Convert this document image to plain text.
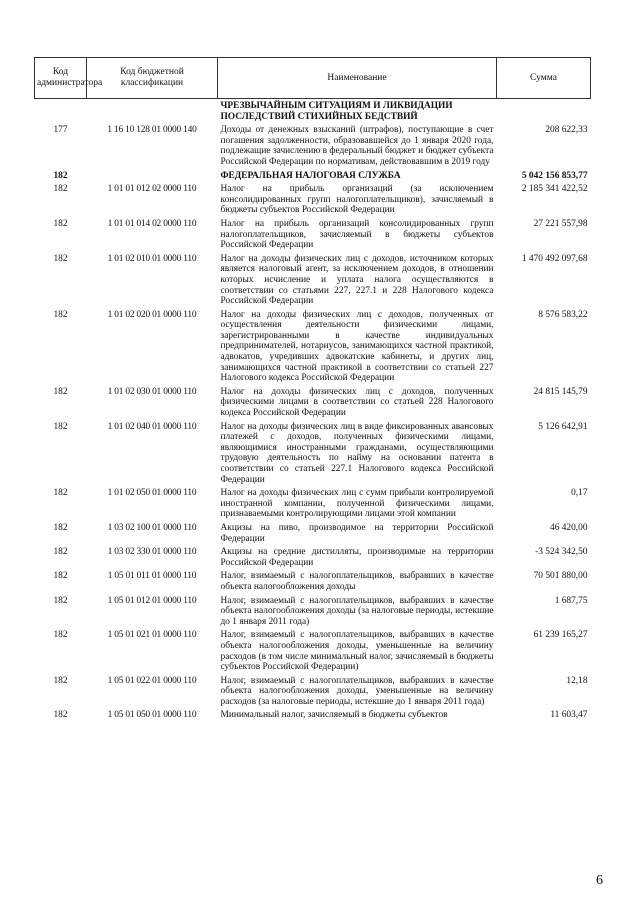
Код
администратора	Код бюджетной классификации	Наименование	Сумма
		ЧРЕЗВЫЧАЙНЫМ СИТУАЦИЯМ И ЛИКВИДАЦИИ ПОСЛЕДСТВИЙ СТИХИЙНЫХ БЕДСТВИЙ	
177	1 16 10 128 01 0000 140	Доходы от денежных взысканий (штрафов), поступающие в счет погашения задолженности, образовавшейся до 1 января 2020 года, подлежащие зачислению в федеральный бюджет и бюджет субъекта Российской Федерации по нормативам, действовавшим в 2019 году	208 622,33
182		ФЕДЕРАЛЬНАЯ НАЛОГОВАЯ СЛУЖБА	5 042 156 853,77
182	1 01 01 012 02 0000 110	Налог на прибыль организаций (за исключением консолидированных групп налогоплательщиков), зачисляемый в бюджеты субъектов Российской Федерации	2 185 341 422,52
182	1 01 01 014 02 0000 110	Налог на прибыль организаций консолидированных групп налогоплательщиков, зачисляемый в бюджеты субъектов Российской Федерации	27 221 557,98
182	1 01 02 010 01 0000 110	Налог на доходы физических лиц с доходов, источником которых является налоговый агент, за исключением доходов, в отношении которых исчисление и уплата налога осуществляются в соответствии со статьями 227, 227.1 и 228 Налогового кодекса Российской Федерации	1 470 492 097,68
182	1 01 02 020 01 0000 110	Налог на доходы физических лиц с доходов, полученных от осуществления деятельности физическими лицами, зарегистрированными в качестве индивидуальных предпринимателей, нотариусов, занимающихся частной практикой, адвокатов, учредивших адвокатские кабинеты, и других лиц, занимающихся частной практикой в соответствии со статьей 227 Налогового кодекса Российской Федерации	8 576 583,22
182	1 01 02 030 01 0000 110	Налог на доходы физических лиц с доходов, полученных физическими лицами в соответствии со статьей 228 Налогового кодекса Российской Федерации	24 815 145,79
182	1 01 02 040 01 0000 110	Налог на доходы физических лиц в виде фиксированных авансовых платежей с доходов, полученных физическими лицами, являющимися иностранными гражданами, осуществляющими трудовую деятельность по найму на основании патента в соответствии со статьей 227.1 Налогового кодекса Российской Федерации	5 126 642,91
182	1 01 02 050 01 0000 110	Налог на доходы физических лиц с сумм прибыли контролируемой иностранной компании, полученной физическими лицами, признаваемыми контролирующими лицами этой компании	0,17
182	1 03 02 100 01 0000 110	Акцизы на пиво, производимое на территории Российской Федерации	46 420,00
182	1 03 02 330 01 0000 110	Акцизы на средние дистилляты, производимые на территории Российской Федерации	-3 524 342,50
182	1 05 01 011 01 0000 110	Налог, взимаемый с налогоплательщиков, выбравших в качестве объекта налогообложения доходы	70 501 880,00
182	1 05 01 012 01 0000 110	Налог, взимаемый с налогоплательщиков, выбравших в качестве объекта налогообложения доходы (за налоговые периоды, истекшие до 1 января 2011 года)	1 687,75
182	1 05 01 021 01 0000 110	Налог, взимаемый с налогоплательщиков, выбравших в качестве объекта налогообложения доходы, уменьшенные на величину расходов (в том числе минимальный налог, зачисляемый в бюджеты субъектов Российской Федерации)	61 239 165,27
182	1 05 01 022 01 0000 110	Налог, взимаемый с налогоплательщиков, выбравших в качестве объекта налогообложения доходы, уменьшенные на величину расходов (за налоговые периоды, истекшие до 1 января 2011 года)	12,18
182	1 05 01 050 01 0000 110	Минимальный налог, зачисляемый в бюджеты субъектов	11 603,47
6
